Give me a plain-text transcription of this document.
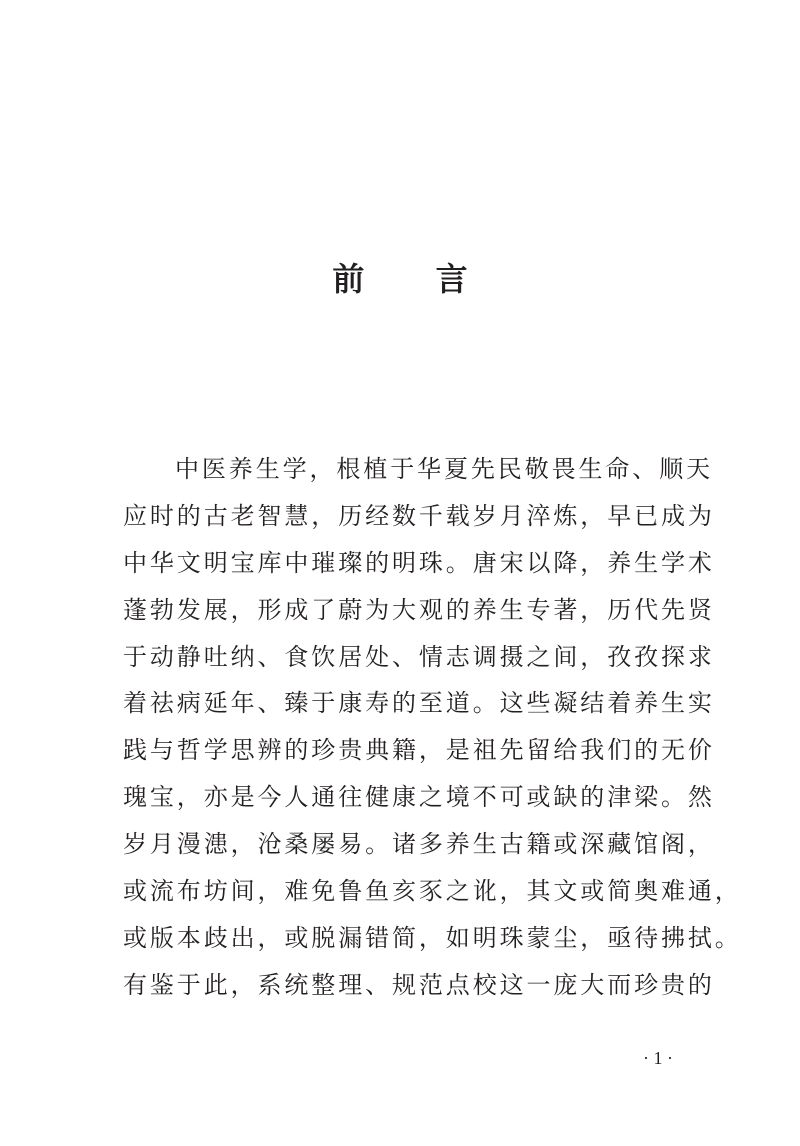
前 言
中医养生学，根植于华夏先民敬畏生命、顺天
应时的古老智慧，历经数千载岁月淬炼，早已成为
中华文明宝库中璀璨的明珠。唐宋以降，养生学术
蓬勃发展，形成了蔚为大观的养生专著，历代先贤
于动静吐纳、食饮居处、情志调摄之间，孜孜探求
着祛病延年、臻于康寿的至道。这些凝结着养生实
践与哲学思辨的珍贵典籍，是祖先留给我们的无价
瑰宝，亦是今人通往健康之境不可或缺的津梁。然
岁月漫漶，沧桑屡易。诸多养生古籍或深藏馆阁，
或流布坊间，难免鲁鱼亥豕之讹，其文或简奥难通，
或版本歧出，或脱漏错简，如明珠蒙尘，亟待拂拭。
有鉴于此，系统整理、规范点校这一庞大而珍贵的
· 1 ·
